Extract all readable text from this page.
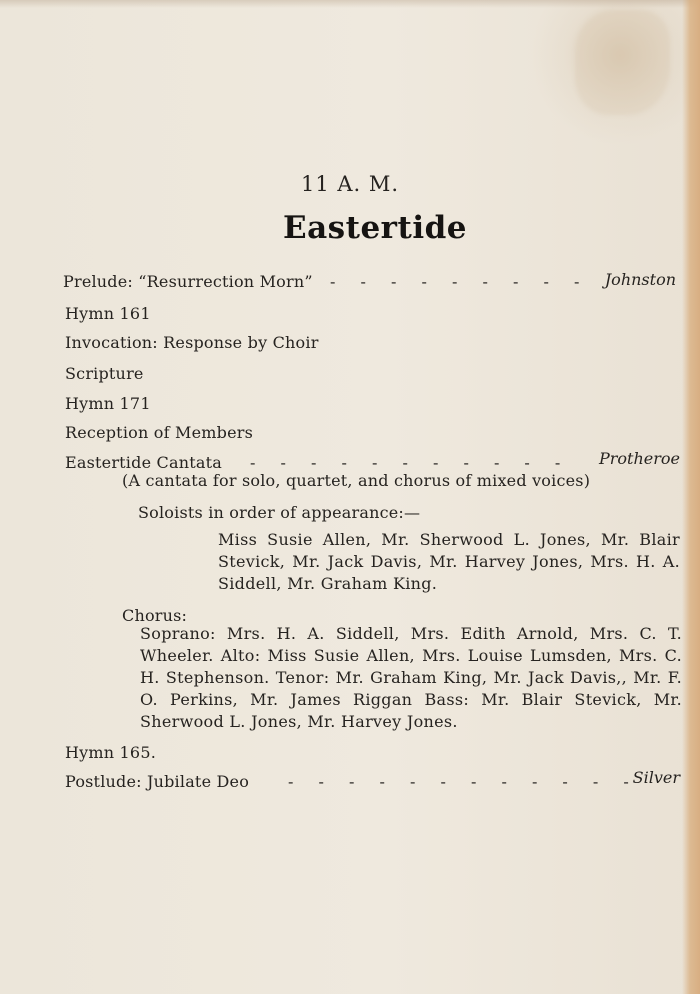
11 A. M.
Eastertide
Prelude: “Resurrection Morn” - - - - - - - - - Johnston
Hymn 161
Invocation: Response by Choir
Scripture
Hymn 171
Reception of Members
Eastertide Cantata - - - - - - - - - - - Protheroe
(A cantata for solo, quartet, and chorus of mixed voices)
Soloists in order of appearance:—
Miss Susie Allen, Mr. Sherwood L. Jones, Mr. Blair Stevick, Mr. Jack Davis, Mr. Harvey Jones, Mrs. H. A. Siddell, Mr. Graham King.
Chorus:
Soprano: Mrs. H. A. Siddell, Mrs. Edith Arnold, Mrs. C. T. Wheeler. Alto: Miss Susie Allen, Mrs. Louise Lumsden, Mrs. C. H. Stephenson. Tenor: Mr. Graham King, Mr. Jack Davis,, Mr. F. O. Perkins, Mr. James Riggan Bass: Mr. Blair Stevick, Mr. Sherwood L. Jones, Mr. Harvey Jones.
Hymn 165.
Postlude: Jubilate Deo - - - - - - - - - - - -
Silver
